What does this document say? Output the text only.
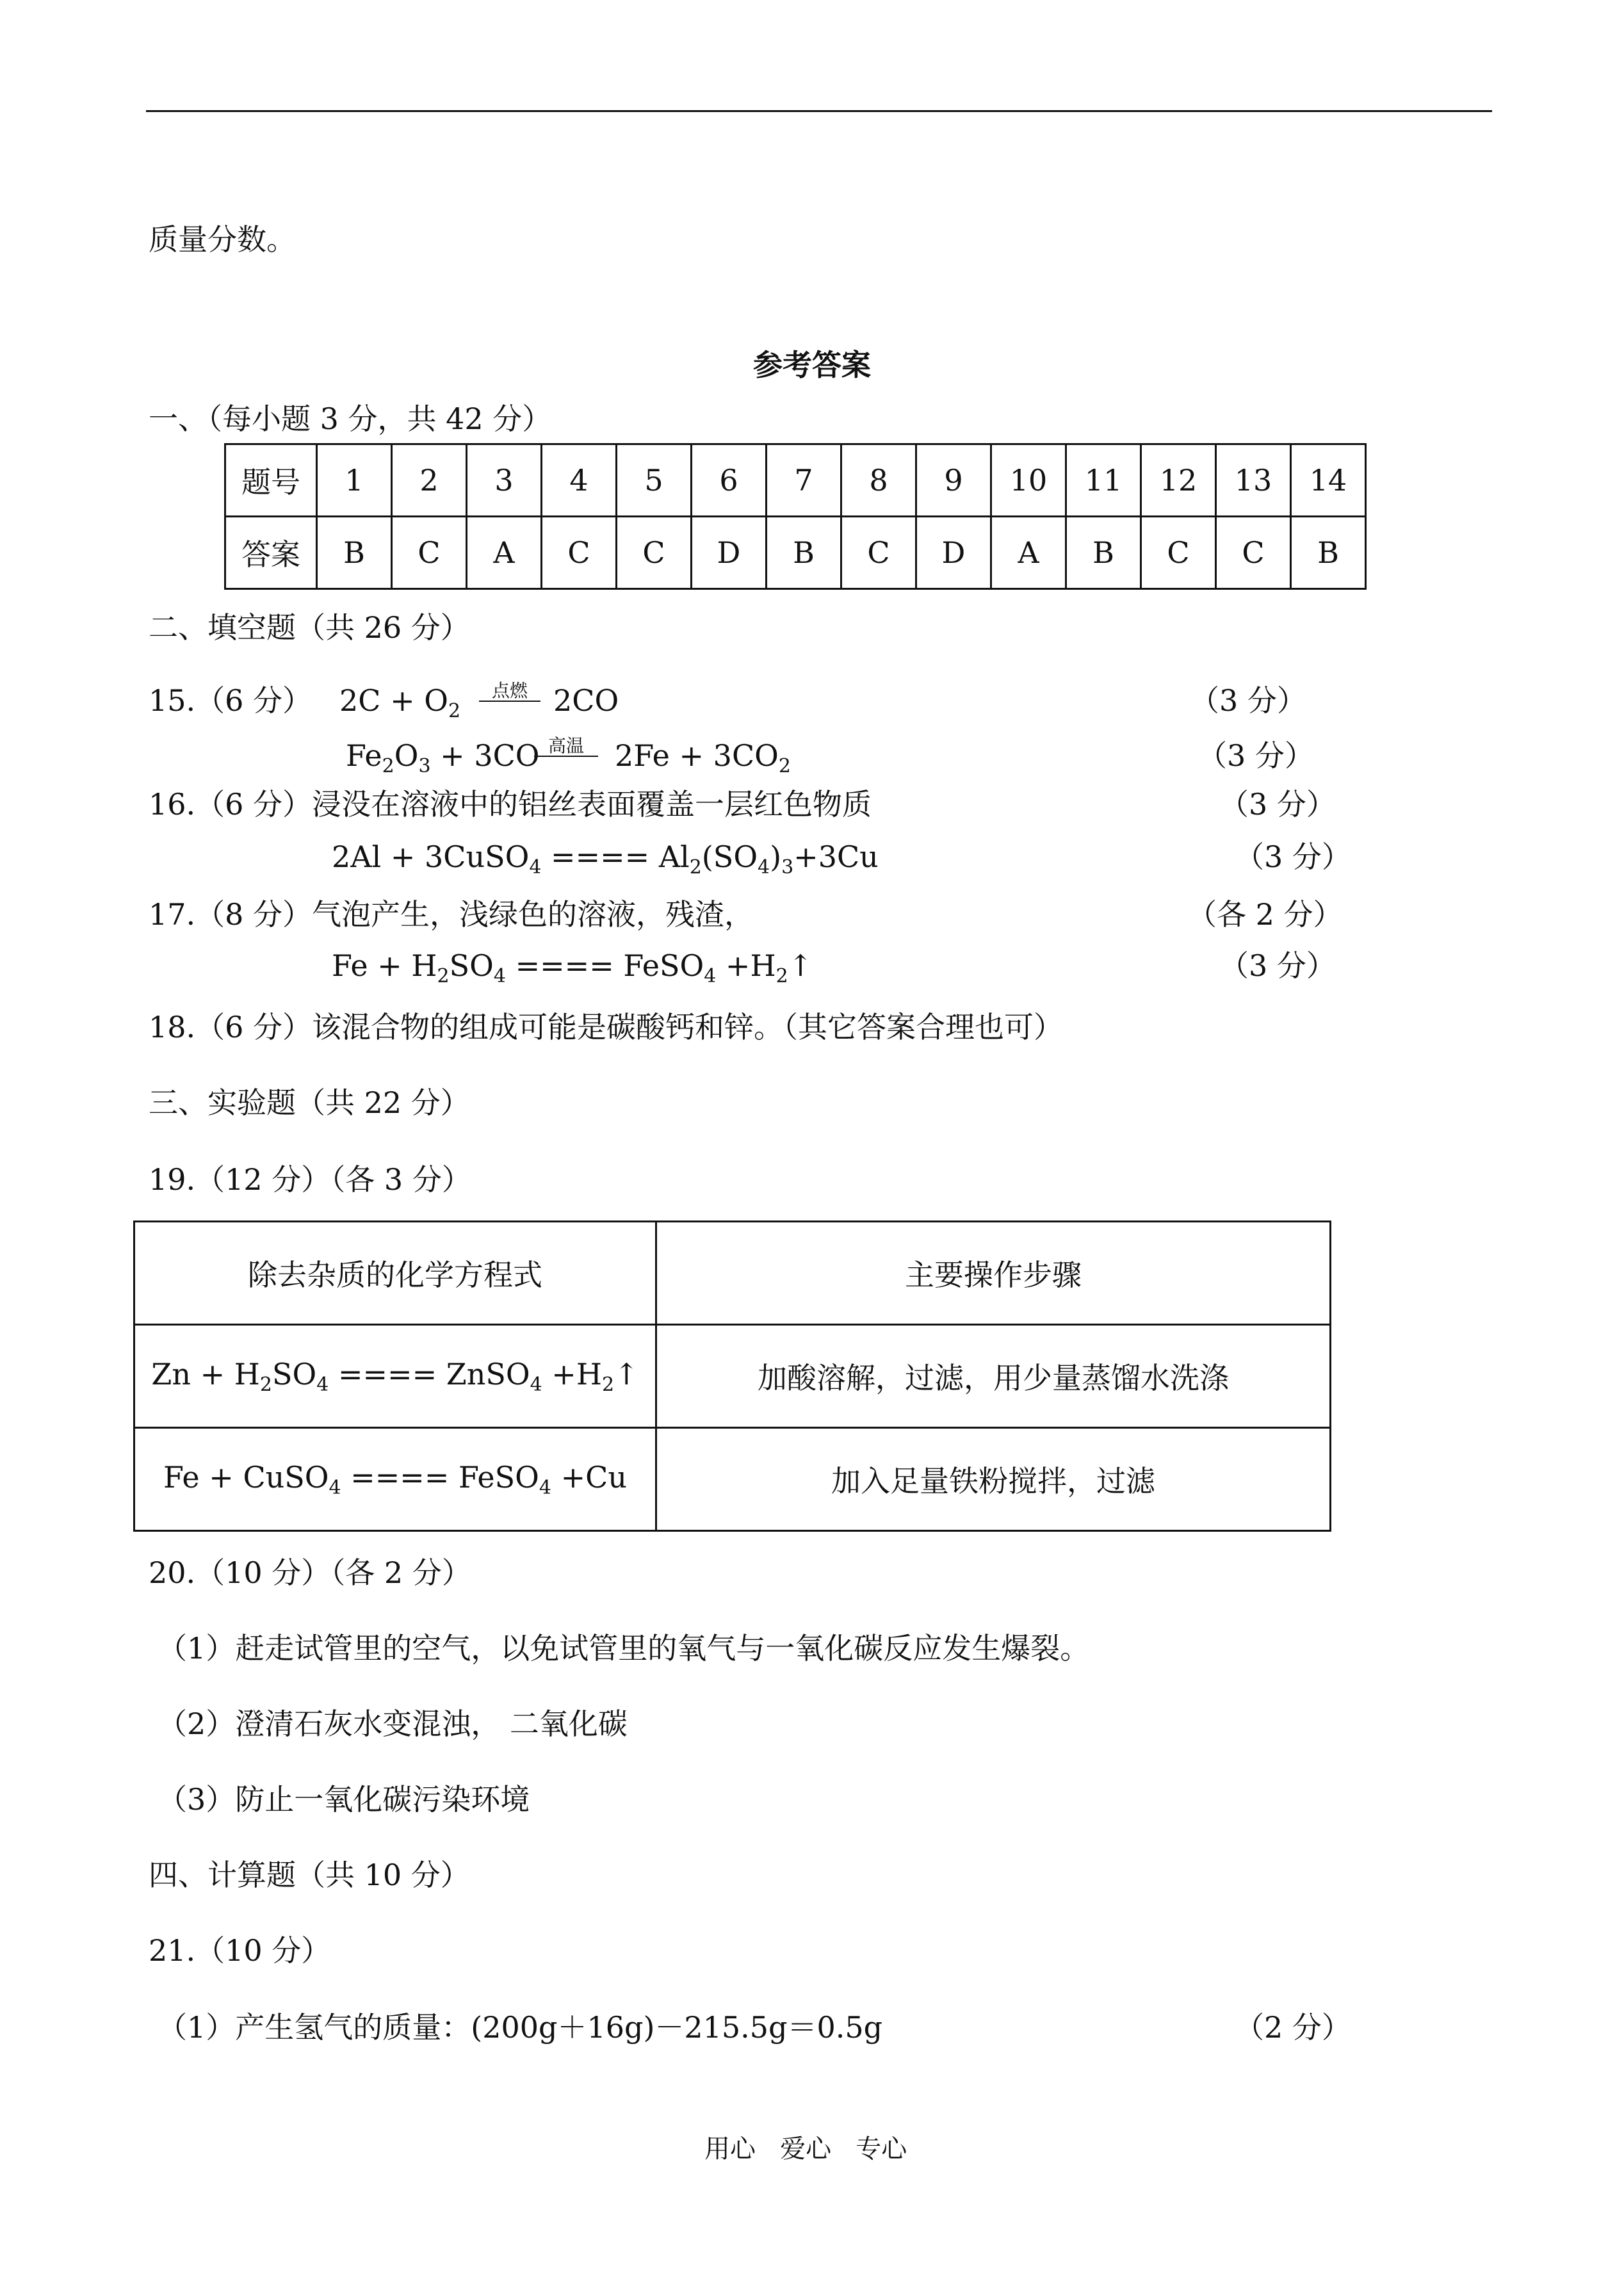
质量分数。
参考答案
一、（每小题 3 分，共 42 分）
题号	1	2	3	4	5	6	7	8	9	10	11	12	13	14
答案	B	C	A	C	C	D	B	C	D	A	B	C	C	B
二、填空题（共 26 分）
15.（6 分） $2C + O_2$
点燃 2CO	（3 分）
$Fe_2O_3 + 3CO$ 高温	$2Fe + 3CO_2$	（3 分）
16.（6 分）浸没在溶液中的铝丝表面覆盖一层红色物质	（3 分）
2Al + 3CuSO$_4$ ==== $Al_2(SO_4)_3+3Cu$	（3 分）
17.（8 分）气泡产生，浅绿色的溶液，残渣，	（各 2 分）
$Fe + H_2SO_4$ ==== FeSO$_4$ $+H_2↑$	（3 分）
18.（6 分）该混合物的组成可能是碳酸钙和锌。（其它答案合理也可）
三、实验题（共 22 分）
19.（12 分）（各 3 分）
除去杂质的化学方程式	主要操作步骤
$Zn + H_2SO_4$ ==== ZnSO$_4$ $+H_2↑$	加酸溶解，过滤，用少量蒸馏水洗涤
Fe + CuSO$_4$ ==== FeSO$_4$ +Cu	加入足量铁粉搅拌，过滤
20.（10 分）（各 2 分）
（1）赶走试管里的空气，以免试管里的氧气与一氧化碳反应发生爆裂。
（2）澄清石灰水变混浊， 二氧化碳
（3）防止一氧化碳污染环境
四、计算题（共 10 分）
21.（10 分）
（1）产生氢气的质量：(200g＋16g)－215.5g＝0.5g	（2 分）
用心   爱心   专心
